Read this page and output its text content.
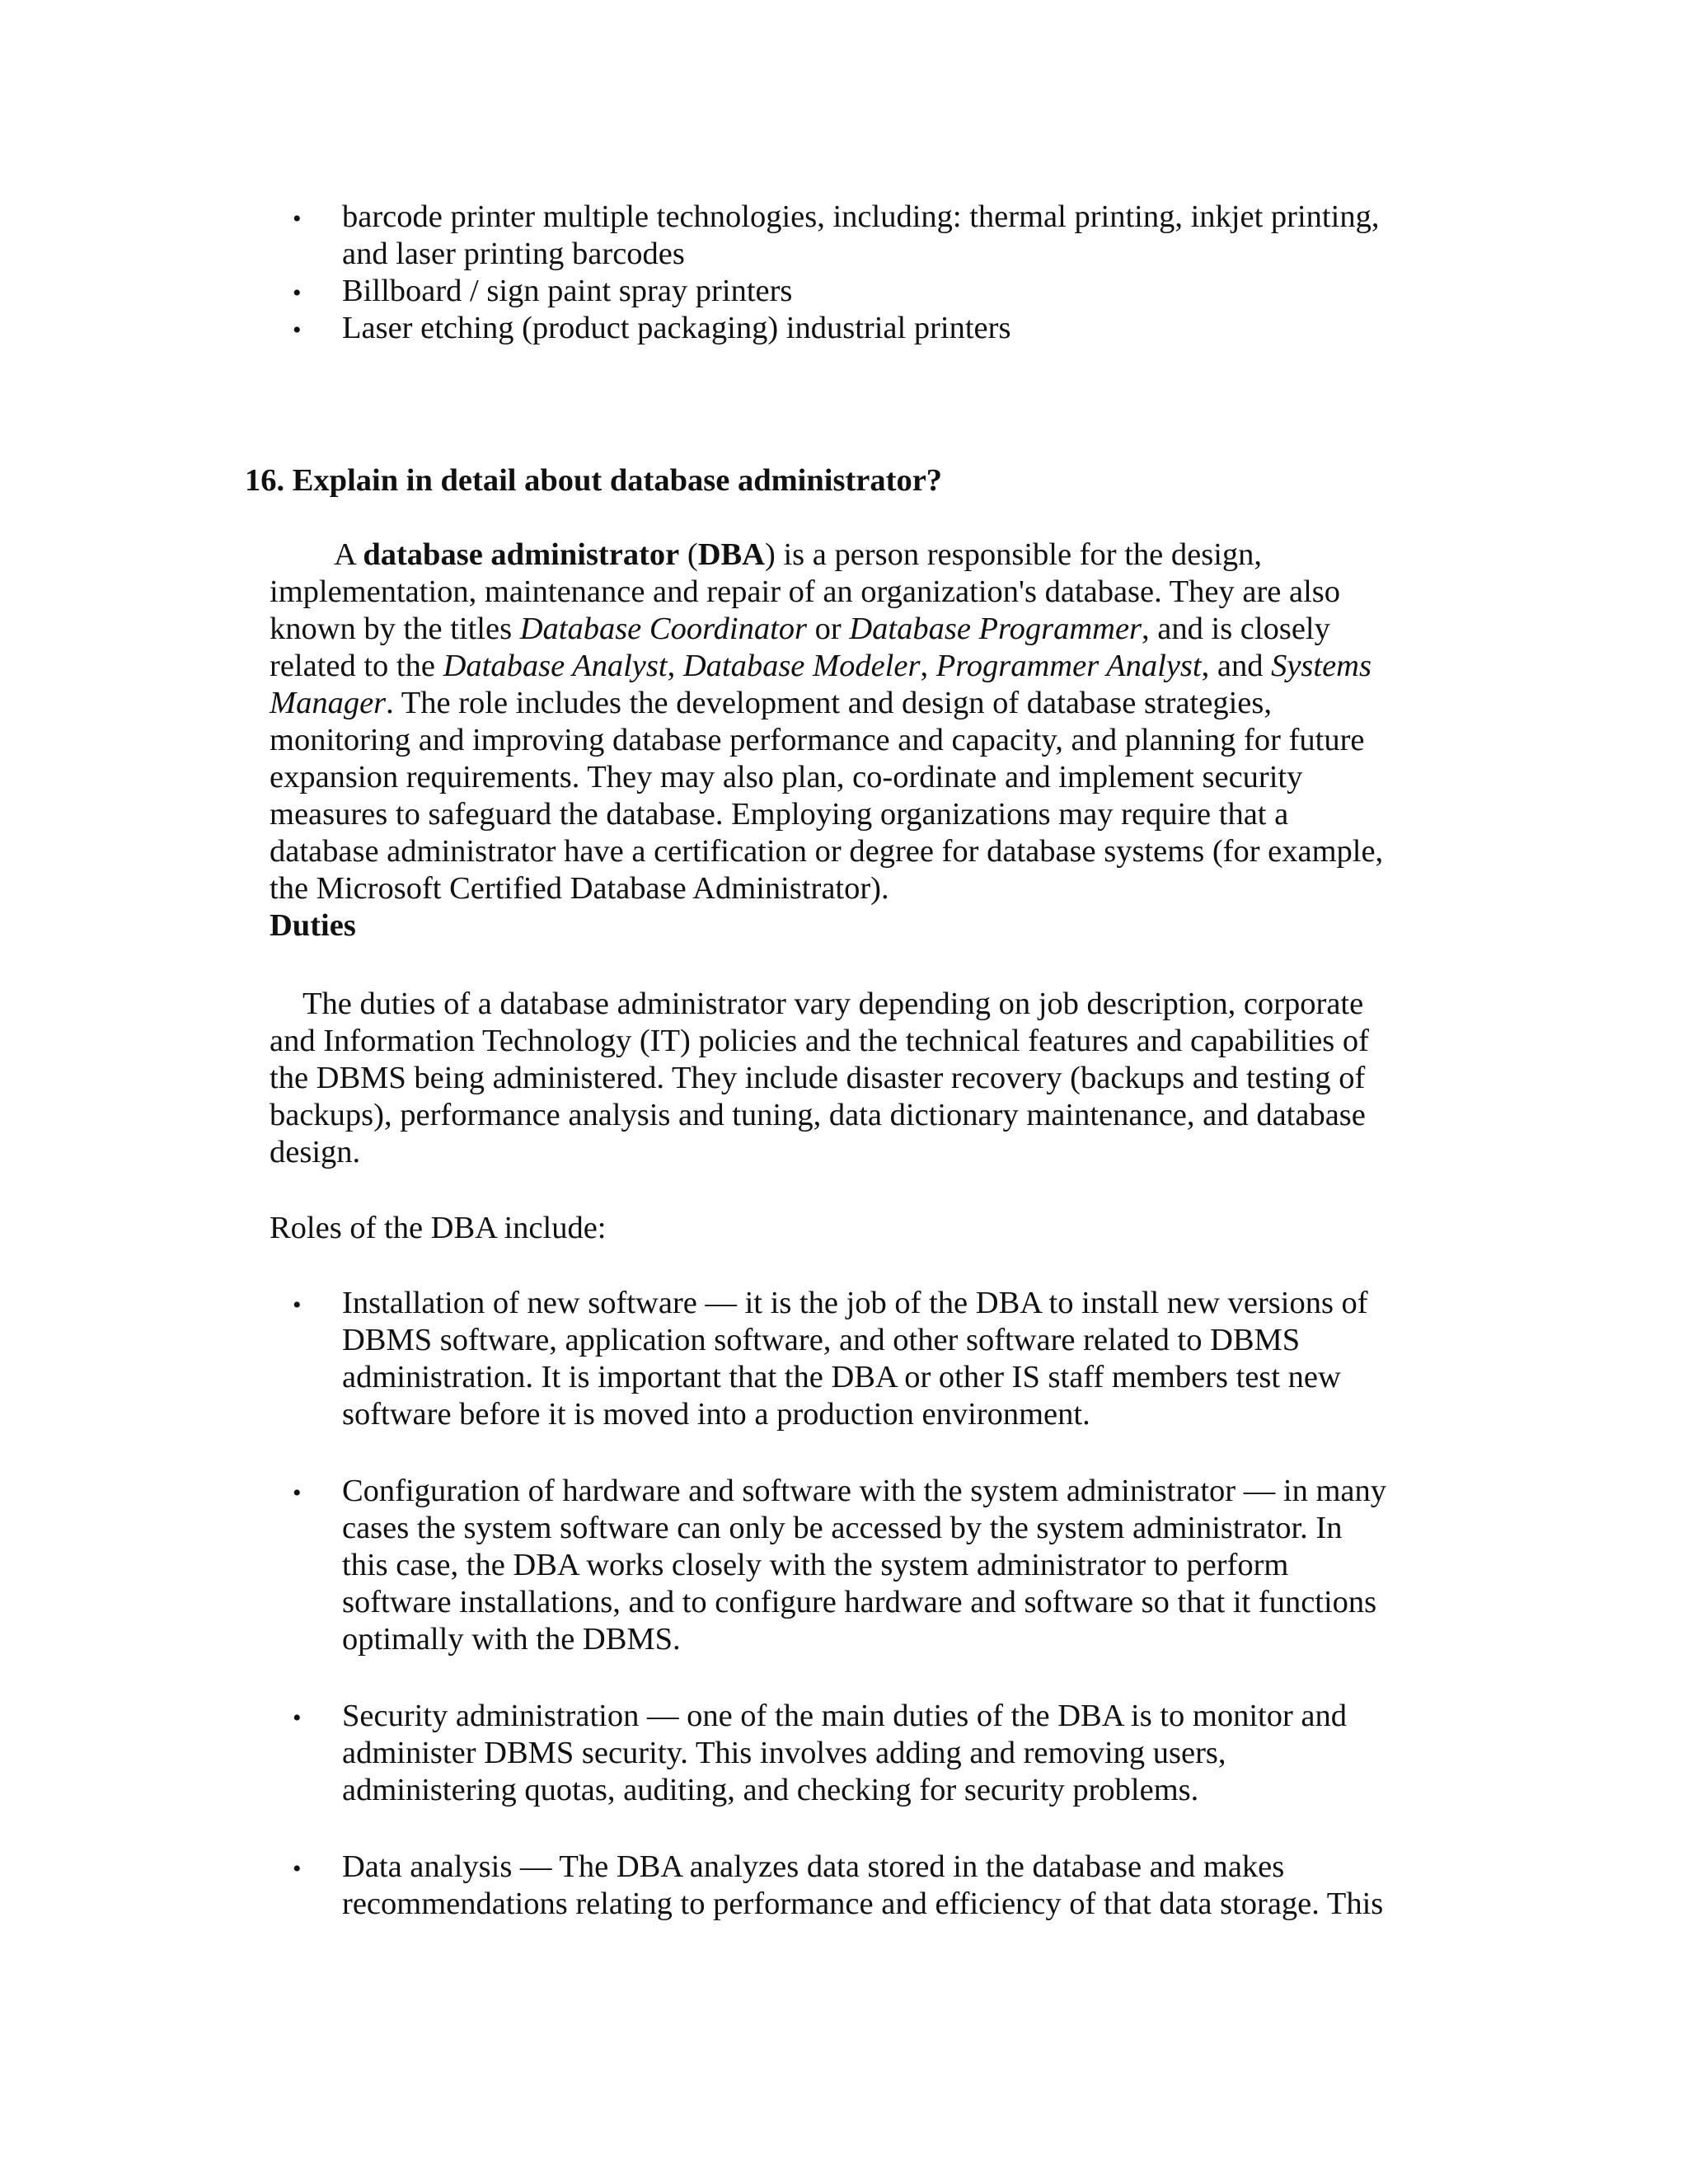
• barcode printer multiple technologies, including: thermal printing, inkjet printing,

and laser printing barcodes

• Billboard / sign paint spray printers

• Laser etching (product packaging) industrial printers

16. Explain in detail about database administrator?

A database administrator (DBA) is a person responsible for the design,

implementation, maintenance and repair of an organization's database. They are also

known by the titles Database Coordinator or Database Programmer, and is closely

related to the Database Analyst, Database Modeler, Programmer Analyst, and Systems

Manager. The role includes the development and design of database strategies,

monitoring and improving database performance and capacity, and planning for future

expansion requirements. They may also plan, co-ordinate and implement security

measures to safeguard the database. Employing organizations may require that a

database administrator have a certification or degree for database systems (for example,

the Microsoft Certified Database Administrator).

Duties

The duties of a database administrator vary depending on job description, corporate

and Information Technology (IT) policies and the technical features and capabilities of

the DBMS being administered. They include disaster recovery (backups and testing of

backups), performance analysis and tuning, data dictionary maintenance, and database

design.

Roles of the DBA include:

• Installation of new software — it is the job of the DBA to install new versions of

DBMS software, application software, and other software related to DBMS

administration. It is important that the DBA or other IS staff members test new

software before it is moved into a production environment.

• Configuration of hardware and software with the system administrator — in many

cases the system software can only be accessed by the system administrator. In

this case, the DBA works closely with the system administrator to perform

software installations, and to configure hardware and software so that it functions

optimally with the DBMS.

• Security administration — one of the main duties of the DBA is to monitor and

administer DBMS security. This involves adding and removing users,

administering quotas, auditing, and checking for security problems.

• Data analysis — The DBA analyzes data stored in the database and makes

recommendations relating to performance and efficiency of that data storage. This
